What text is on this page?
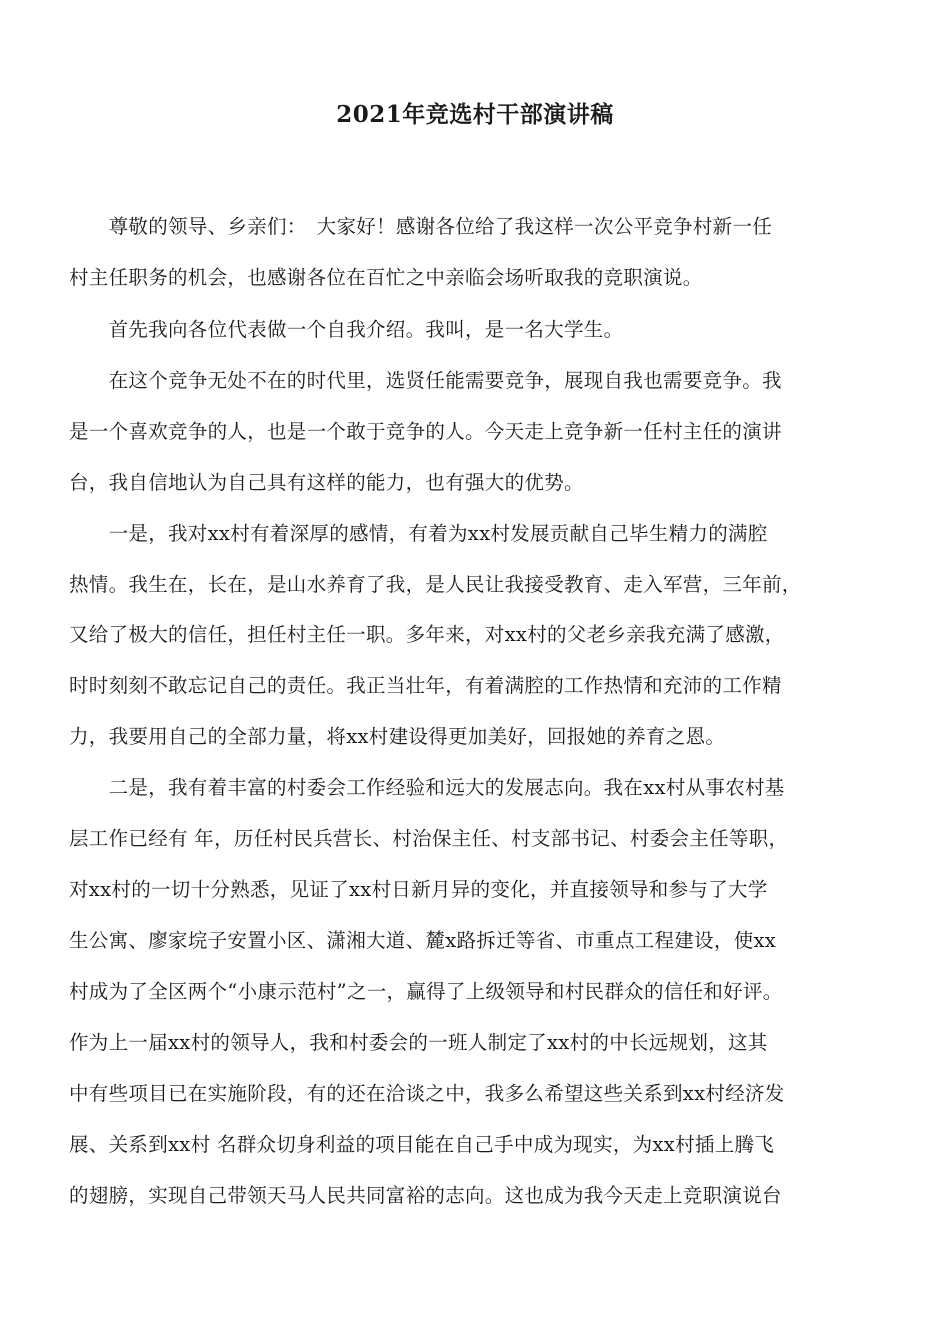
2021年竞选村干部演讲稿
　　尊敬的领导、乡亲们：　大家好！感谢各位给了我这样一次公平竞争村新一任
村主任职务的机会，也感谢各位在百忙之中亲临会场听取我的竞职演说。
　　首先我向各位代表做一个自我介绍。我叫，是一名大学生。
　　在这个竞争无处不在的时代里，选贤任能需要竞争，展现自我也需要竞争。我
是一个喜欢竞争的人，也是一个敢于竞争的人。今天走上竞争新一任村主任的演讲
台，我自信地认为自己具有这样的能力，也有强大的优势。
　　一是，我对xx村有着深厚的感情，有着为xx村发展贡献自己毕生精力的满腔
热情。我生在，长在，是山水养育了我，是人民让我接受教育、走入军营，三年前，
又给了极大的信任，担任村主任一职。多年来，对xx村的父老乡亲我充满了感激，
时时刻刻不敢忘记自己的责任。我正当壮年，有着满腔的工作热情和充沛的工作精
力，我要用自己的全部力量，将xx村建设得更加美好，回报她的养育之恩。
　　二是，我有着丰富的村委会工作经验和远大的发展志向。我在xx村从事农村基
层工作已经有 年，历任村民兵营长、村治保主任、村支部书记、村委会主任等职，
对xx村的一切十分熟悉，见证了xx村日新月异的变化，并直接领导和参与了大学
生公寓、廖家垸子安置小区、潇湘大道、麓x路拆迁等省、市重点工程建设，使xx
村成为了全区两个“小康示范村”之一，赢得了上级领导和村民群众的信任和好评。
作为上一届xx村的领导人，我和村委会的一班人制定了xx村的中长远规划，这其
中有些项目已在实施阶段，有的还在洽谈之中，我多么希望这些关系到xx村经济发
展、关系到xx村 名群众切身利益的项目能在自己手中成为现实，为xx村插上腾飞
的翅膀，实现自己带领天马人民共同富裕的志向。这也成为我今天走上竞职演说台
